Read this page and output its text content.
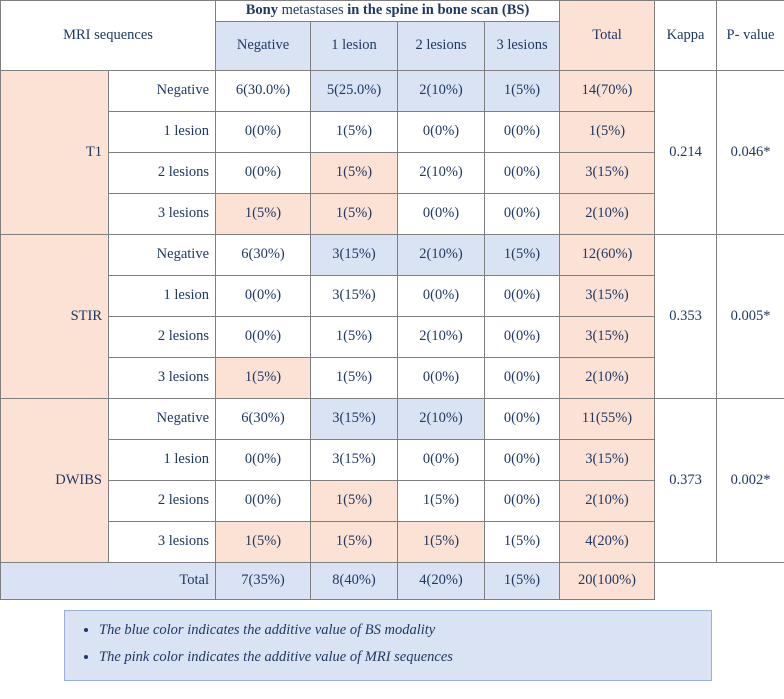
MRI sequences		Bony metastases in the spine in bone scan (BS)				Total	Kappa	P- value
		Negative	1 lesion	2 lesions	3 lesions			
T1	Negative	6(30.0%)	5(25.0%)	2(10%)	1(5%)	14(70%)	0.214	0.046*
	1 lesion	0(0%)	1(5%)	0(0%)	0(0%)	1(5%)		
	2 lesions	0(0%)	1(5%)	2(10%)	0(0%)	3(15%)		
	3 lesions	1(5%)	1(5%)	0(0%)	0(0%)	2(10%)		
STIR	Negative	6(30%)	3(15%)	2(10%)	1(5%)	12(60%)	0.353	0.005*
	1 lesion	0(0%)	3(15%)	0(0%)	0(0%)	3(15%)		
	2 lesions	0(0%)	1(5%)	2(10%)	0(0%)	3(15%)		
	3 lesions	1(5%)	1(5%)	0(0%)	0(0%)	2(10%)		
DWIBS	Negative	6(30%)	3(15%)	2(10%)	0(0%)	11(55%)	0.373	0.002*
	1 lesion	0(0%)	3(15%)	0(0%)	0(0%)	3(15%)		
	2 lesions	0(0%)	1(5%)	1(5%)	0(0%)	2(10%)		
	3 lesions	1(5%)	1(5%)	1(5%)	1(5%)	4(20%)		
Total		7(35%)	8(40%)	4(20%)	1(5%)	20(100%)		
• The blue color indicates the additive value of BS modality
• The pink color indicates the additive value of MRI sequences
